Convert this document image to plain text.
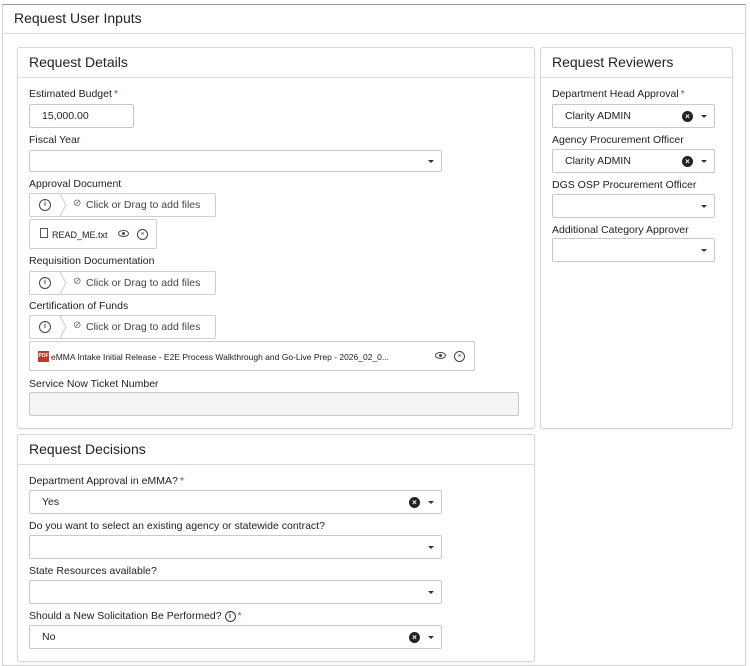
Request User Inputs
Request Details
Estimated Budget *
15,000.00
Fiscal Year
Approval Document
i	⊘ Click or Drag to add files
READ_ME.txt	×
Requisition Documentation
i	⊘ Click or Drag to add files
Certification of Funds
i	⊘ Click or Drag to add files
PDF eMMA Intake Initial Release - E2E Process Walkthrough and Go-Live Prep - 2026_02_0...	×
Service Now Ticket Number
Request Reviewers
Department Head Approval *
Clarity ADMIN	×
Agency Procurement Officer
Clarity ADMIN	×
DGS OSP Procurement Officer
Additional Category Approver
Request Decisions
Department Approval in eMMA? *
Yes	×
Do you want to select an existing agency or statewide contract?
State Resources available?
Should a New Solicitation Be Performed? i *
No	×
